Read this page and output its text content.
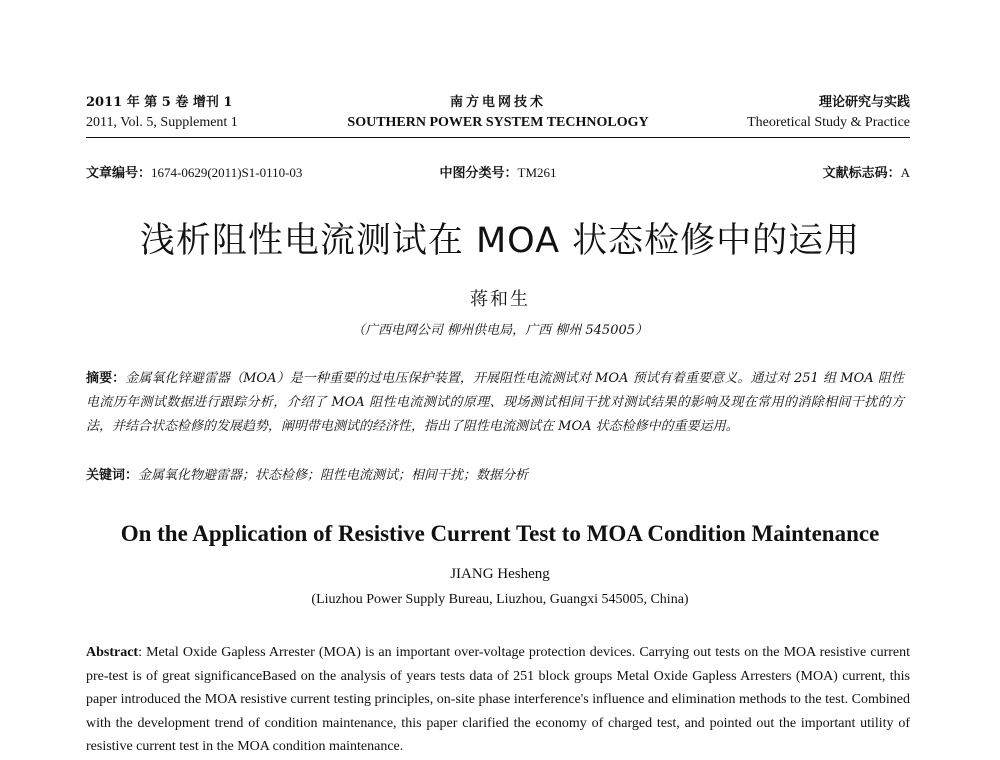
2011 年 第 5 卷 增刊 1	南方电网技术	理论研究与实践
2011, Vol. 5, Supplement 1	SOUTHERN POWER SYSTEM TECHNOLOGY	Theoretical Study & Practice
文章编号：1674-0629(2011)S1-0110-03	中图分类号：TM261	文献标志码：A
浅析阻性电流测试在 MOA 状态检修中的运用
蒋和生
（广西电网公司 柳州供电局，广西 柳州 545005）
摘要：金属氧化锌避雷器（MOA）是一种重要的过电压保护装置，开展阻性电流测试对 MOA 预试有着重要意义。通过对 251 组 MOA 阻性电流历年测试数据进行跟踪分析，介绍了 MOA 阻性电流测试的原理、现场测试相间干扰对测试结果的影响及现在常用的消除相间干扰的方法，并结合状态检修的发展趋势，阐明带电测试的经济性，指出了阻性电流测试在 MOA 状态检修中的重要运用。
关键词：金属氧化物避雷器；状态检修；阻性电流测试；相间干扰；数据分析
On the Application of Resistive Current Test to MOA Condition Maintenance
JIANG Hesheng
(Liuzhou Power Supply Bureau, Liuzhou, Guangxi 545005, China)
Abstract: Metal Oxide Gapless Arrester (MOA) is an important over-voltage protection devices. Carrying out tests on the MOA resistive current pre-test is of great significanceBased on the analysis of years tests data of 251 block groups Metal Oxide Gapless Arresters (MOA) current, this paper introduced the MOA resistive current testing principles, on-site phase interference's influence and elimination methods to the test. Combined with the development trend of condition maintenance, this paper clarified the economy of charged test, and pointed out the important utility of resistive current test in the MOA condition maintenance.
